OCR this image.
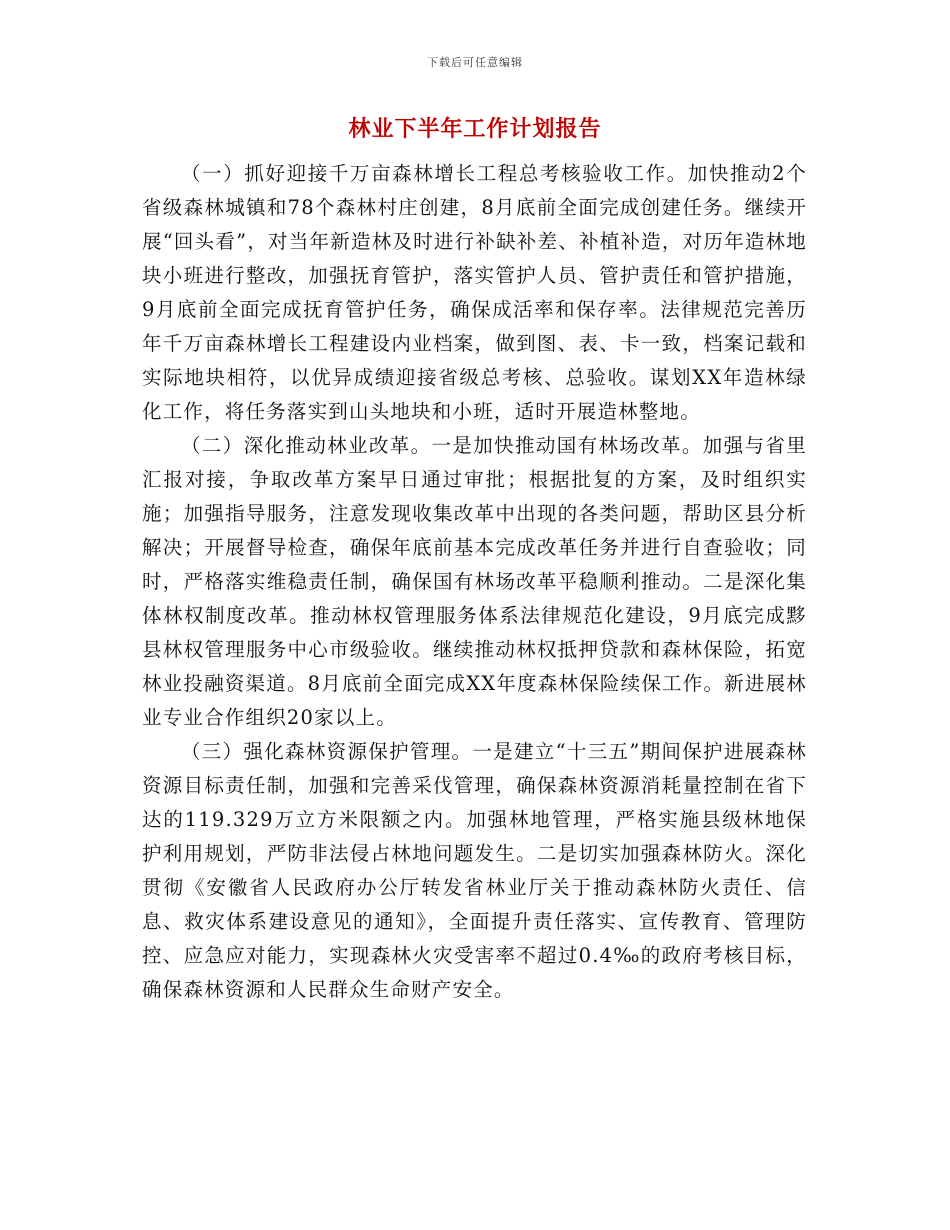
下载后可任意编辑
林业下半年工作计划报告

（一）抓好迎接千万亩森林增长工程总考核验收工作。加快推动2个省级森林城镇和78个森林村庄创建，8月底前全面完成创建任务。继续开展“回头看”，对当年新造林及时进行补缺补差、补植补造，对历年造林地块小班进行整改，加强抚育管护，落实管护人员、管护责任和管护措施，9月底前全面完成抚育管护任务，确保成活率和保存率。法律规范完善历年千万亩森林增长工程建设内业档案，做到图、表、卡一致，档案记载和实际地块相符，以优异成绩迎接省级总考核、总验收。谋划XX年造林绿化工作，将任务落实到山头地块和小班，适时开展造林整地。

（二）深化推动林业改革。一是加快推动国有林场改革。加强与省里汇报对接，争取改革方案早日通过审批；根据批复的方案，及时组织实施；加强指导服务，注意发现收集改革中出现的各类问题，帮助区县分析解决；开展督导检查，确保年底前基本完成改革任务并进行自查验收；同时，严格落实维稳责任制，确保国有林场改革平稳顺利推动。二是深化集体林权制度改革。推动林权管理服务体系法律规范化建设，9月底完成黟县林权管理服务中心市级验收。继续推动林权抵押贷款和森林保险，拓宽林业投融资渠道。8月底前全面完成XX年度森林保险续保工作。新进展林业专业合作组织20家以上。

（三）强化森林资源保护管理。一是建立“十三五”期间保护进展森林资源目标责任制，加强和完善采伐管理，确保森林资源消耗量控制在省下达的119.329万立方米限额之内。加强林地管理，严格实施县级林地保护利用规划，严防非法侵占林地问题发生。二是切实加强森林防火。深化贯彻《安徽省人民政府办公厅转发省林业厅关于推动森林防火责任、信息、救灾体系建设意见的通知》，全面提升责任落实、宣传教育、管理防控、应急应对能力，实现森林火灾受害率不超过0.4‰的政府考核目标，确保森林资源和人民群众生命财产安全。
